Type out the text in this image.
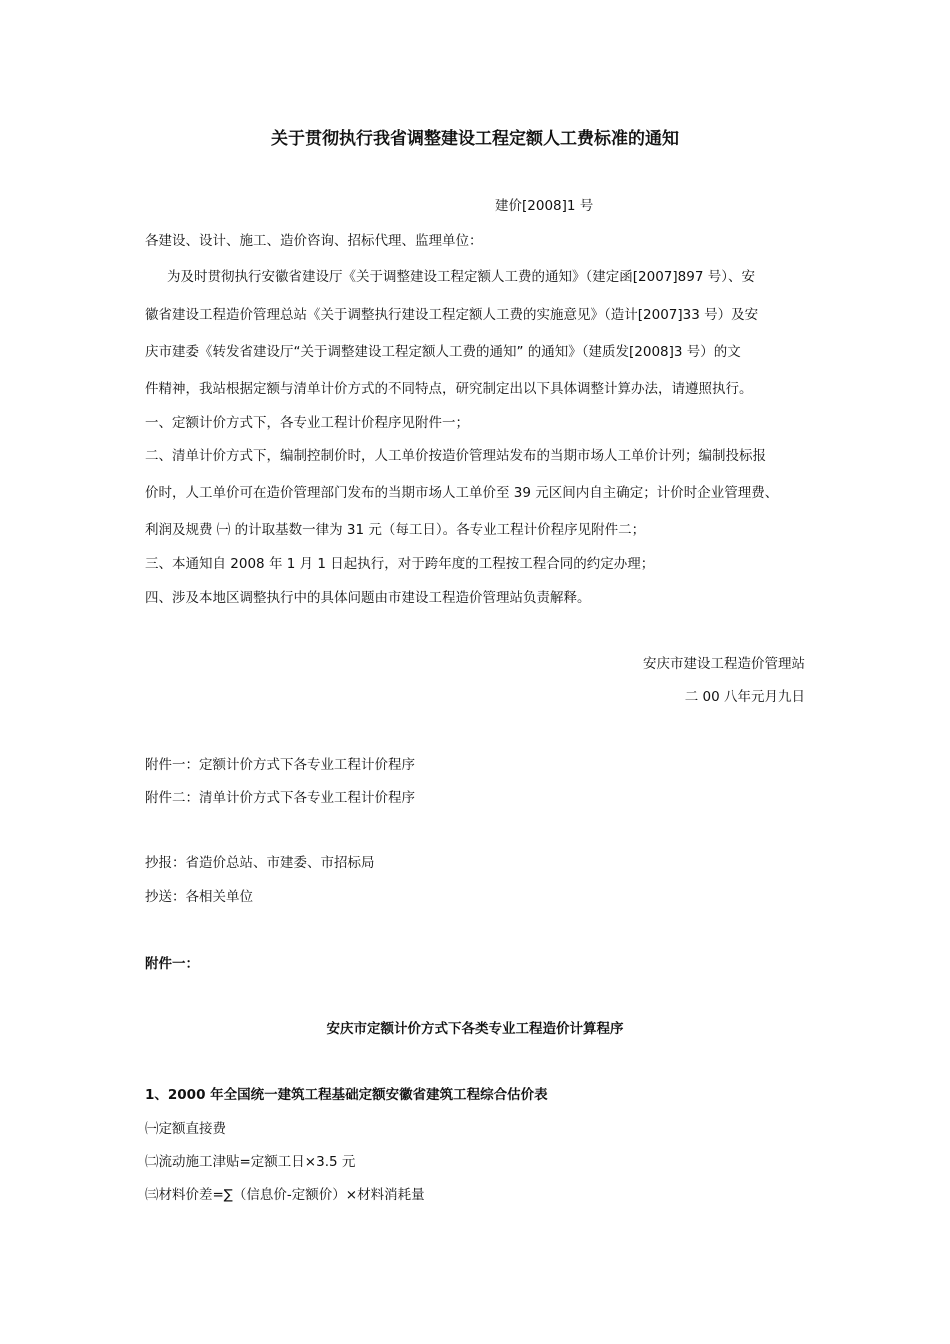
关于贯彻执行我省调整建设工程定额人工费标准的通知
建价[2008]1 号
各建设、设计、施工、造价咨询、招标代理、监理单位：
为及时贯彻执行安徽省建设厅《关于调整建设工程定额人工费的通知》（建定函[2007]897 号）、安
徽省建设工程造价管理总站《关于调整执行建设工程定额人工费的实施意见》（造计[2007]33 号）及安
庆市建委《转发省建设厅“关于调整建设工程定额人工费的通知” 的通知》（建质发[2008]3 号）的文
件精神，我站根据定额与清单计价方式的不同特点，研究制定出以下具体调整计算办法，请遵照执行。
一、定额计价方式下，各专业工程计价程序见附件一；
二、清单计价方式下，编制控制价时，人工单价按造价管理站发布的当期市场人工单价计列；编制投标报
价时，人工单价可在造价管理部门发布的当期市场人工单价至 39 元区间内自主确定；计价时企业管理费、
利润及规费 ㈠ 的计取基数一律为 31 元（每工日）。各专业工程计价程序见附件二；
三、本通知自 2008 年 1 月 1 日起执行，对于跨年度的工程按工程合同的约定办理；
四、涉及本地区调整执行中的具体问题由市建设工程造价管理站负责解释。
安庆市建设工程造价管理站
二 00 八年元月九日
附件一：定额计价方式下各专业工程计价程序
附件二：清单计价方式下各专业工程计价程序
抄报：省造价总站、市建委、市招标局
抄送：各相关单位
附件一：
安庆市定额计价方式下各类专业工程造价计算程序
1、2000 年全国统一建筑工程基础定额安徽省建筑工程综合估价表
㈠定额直接费
㈡流动施工津贴=定额工日×3.5 元
㈢材料价差=∑（信息价-定额价）×材料消耗量
